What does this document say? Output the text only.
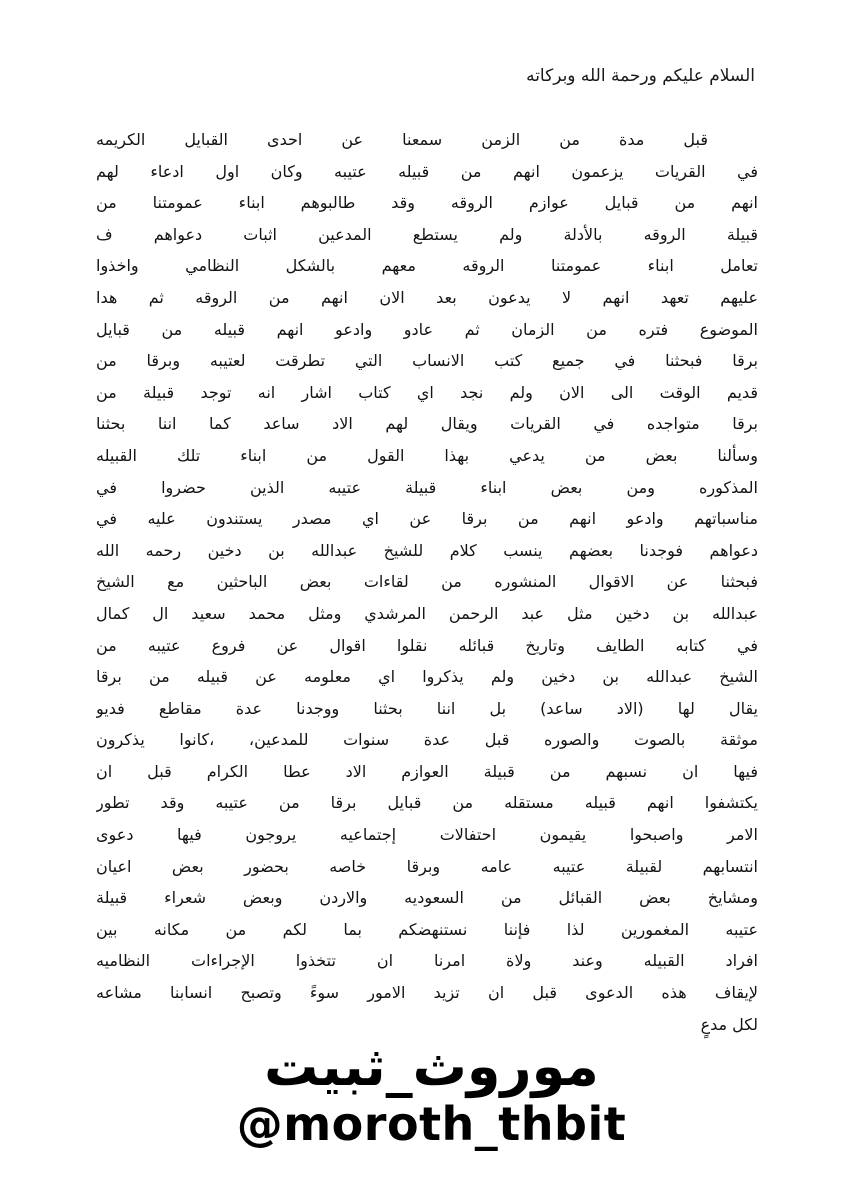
السلام عليكم ورحمة الله وبركاته
قبل مدة من الزمن سمعنا عن احدى القبايل الكريمه
في القريات يزعمون انهم من قبيله عتيبه وكان اول ادعاء لهم
انهم من قبايل عوازم الروقه وقد طالبوهم ابناء عمومتنا من
قبيلة الروقه بالأدلة ولم يستطع المدعين اثبات دعواهم ف
تعامل ابناء عمومتنا الروقه معهم بالشكل النظامي واخذوا
عليهم تعهد انهم لا يدعون بعد الان انهم من الروقه ثم هدا
الموضوع فتره من الزمان ثم عادو وادعو انهم قبيله من قبايل
برقا فبحثنا في جميع كتب الانساب التي تطرقت لعتيبه وبرقا من
قديم الوقت الى الان ولم نجد اي كتاب اشار انه توجد قبيلة من
برقا متواجده في القريات ويقال لهم الاد ساعد كما اننا بحثنا
وسألنا بعض من يدعي بهذا القول من ابناء تلك القبيله
المذكوره ومن بعض ابناء قبيلة عتيبه الذين حضروا في
مناسباتهم وادعو انهم من برقا عن اي مصدر يستندون عليه في
دعواهم فوجدنا بعضهم ينسب كلام للشيخ عبدالله بن دخين رحمه الله
فبحثنا عن الاقوال المنشوره من لقاءات بعض الباحثين مع الشيخ
عبدالله بن دخين مثل عبد الرحمن المرشدي ومثل محمد سعيد ال كمال
في كتابه الطايف وتاريخ قبائله نقلوا اقوال عن فروع عتيبه من
الشيخ عبدالله بن دخين ولم يذكروا اي معلومه عن قبيله من برقا
يقال لها (الاد ساعد) بل اننا بحثنا ووجدنا عدة مقاطع فديو
موثقة بالصوت والصوره قبل عدة سنوات للمدعين، ،كانوا يذكرون
فيها ان نسبهم من قبيلة العوازم الاد عطا الكرام قبل ان
يكتشفوا انهم قبيله مستقله من قبايل برقا من عتيبه وقد تطور
الامر واصبحوا يقيمون احتفالات إجتماعيه يروجون فيها دعوى
انتسابهم لقبيلة عتيبه عامه وبرقا خاصه بحضور بعض اعيان
ومشايخ بعض القبائل من السعوديه والاردن وبعض شعراء قبيلة
عتيبه المغمورين لذا فإننا نستنهضكم بما لكم من مكانه بين
افراد القبيله وعند ولاة امرنا ان تتخذوا الإجراءات النظاميه
لإيقاف هذه الدعوى قبل ان تزيد الامور سوءً وتصبح انسابنا مشاعه
لكل مدعٍ
موروث_ثبيت
@moroth_thbit
